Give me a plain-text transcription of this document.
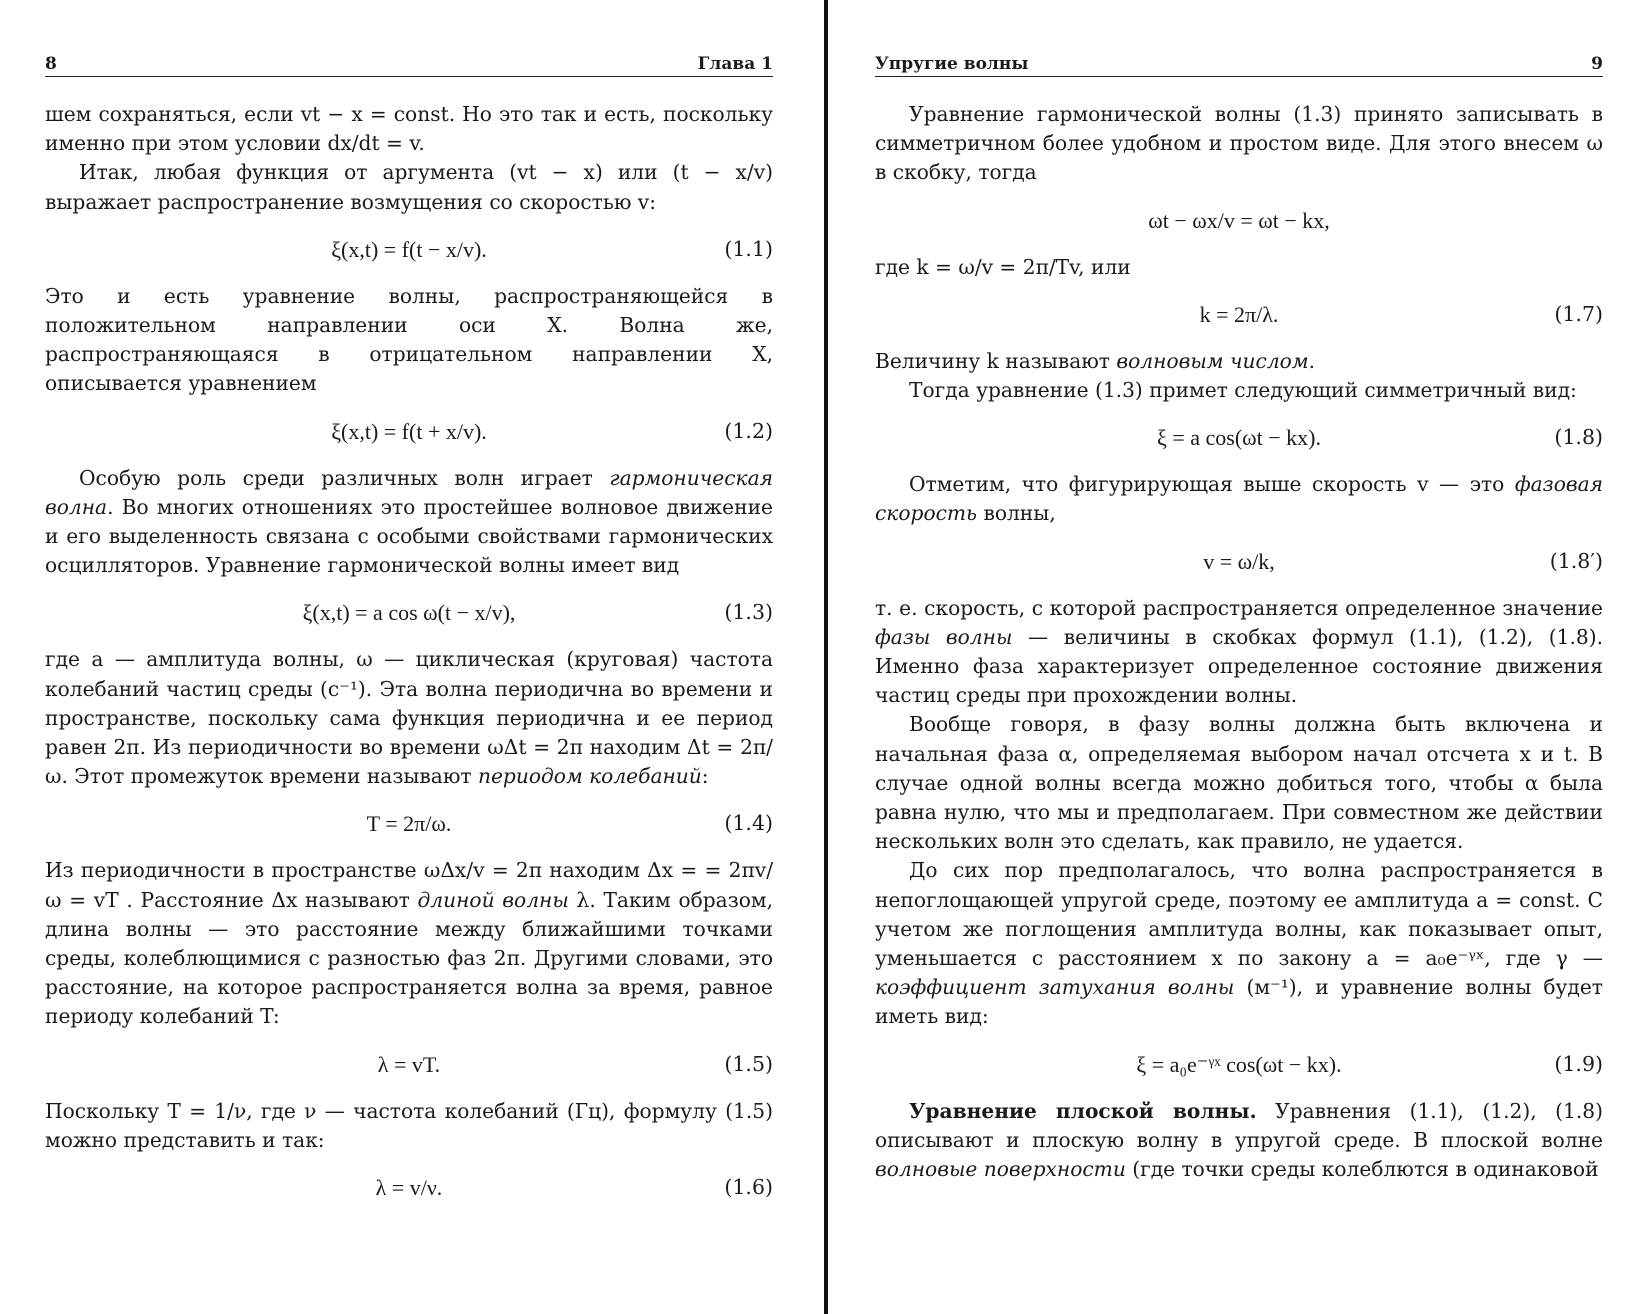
8	Глава 1

шем сохраняться, если vt − x = const. Но это так и есть, поскольку именно при этом условии dx/dt = v.

Итак, любая функция от аргумента (vt − x) или (t − x/v) выражает распространение возмущения со скоростью v:

ξ(x,t) = f(t − x/v).	(1.1)

Это и есть уравнение волны, распространяющейся в положительном направлении оси X. Волна же, распространяющаяся в отрицательном направлении X, описывается уравнением

ξ(x,t) = f(t + x/v).	(1.2)

Особую роль среди различных волн играет гармоническая волна. Во многих отношениях это простейшее волновое движение и его выделенность связана с особыми свойствами гармонических осцилляторов. Уравнение гармонической волны имеет вид

ξ(x,t) = a cos ω(t − x/v),	(1.3)

где a — амплитуда волны, ω — циклическая (круговая) частота колебаний частиц среды (c⁻¹). Эта волна периодична во времени и пространстве, поскольку сама функция периодична и ее период равен 2π. Из периодичности во времени ωΔt = 2π находим Δt = 2π/ω. Этот промежуток времени называют периодом колебаний:

T = 2π/ω.	(1.4)

Из периодичности в пространстве ωΔx/v = 2π находим Δx = = 2πv/ω = vT . Расстояние Δx называют длиной волны λ. Таким образом, длина волны — это расстояние между ближайшими точками среды, колеблющимися с разностью фаз 2π. Другими словами, это расстояние, на которое распространяется волна за время, равное периоду колебаний T:

λ = vT.	(1.5)

Поскольку T = 1/ν, где ν — частота колебаний (Гц), формулу (1.5) можно представить и так:

λ = v/ν.	(1.6)
Упругие волны	9

Уравнение гармонической волны (1.3) принято записывать в симметричном более удобном и простом виде. Для этого внесем ω в скобку, тогда

ωt − ωx/v = ωt − kx,

где k = ω/v = 2π/Tv, или

k = 2π/λ.	(1.7)

Величину k называют волновым числом.

Тогда уравнение (1.3) примет следующий симметричный вид:

ξ = a cos(ωt − kx).	(1.8)

Отметим, что фигурирующая выше скорость v — это фазовая скорость волны,

v = ω/k,	(1.8′)

т. е. скорость, с которой распространяется определенное значение фазы волны — величины в скобках формул (1.1), (1.2), (1.8). Именно фаза характеризует определенное состояние движения частиц среды при прохождении волны.

Вообще говоря, в фазу волны должна быть включена и начальная фаза α, определяемая выбором начал отсчета x и t. В случае одной волны всегда можно добиться того, чтобы α была равна нулю, что мы и предполагаем. При совместном же действии нескольких волн это сделать, как правило, не удается.

До сих пор предполагалось, что волна распространяется в непоглощающей упругой среде, поэтому ее амплитуда a = const. С учетом же поглощения амплитуда волны, как показывает опыт, уменьшается с расстоянием x по закону a = a₀e⁻ᵞˣ, где γ — коэффициент затухания волны (м⁻¹), и уравнение волны будет иметь вид:

ξ = a₀e⁻ᵞˣ cos(ωt − kx).	(1.9)

Уравнение плоской волны. Уравнения (1.1), (1.2), (1.8) описывают и плоскую волну в упругой среде. В плоской волне волновые поверхности (где точки среды колеблются в одинаковой
